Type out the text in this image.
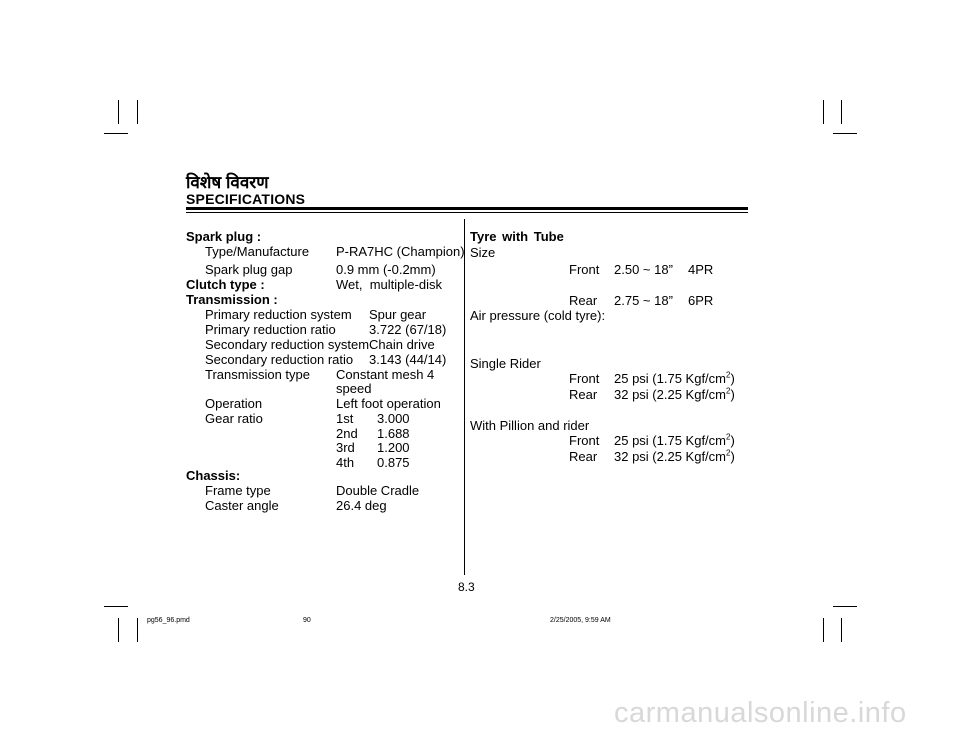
विशेष विवरण
SPECIFICATIONS
Spark plug :
Type/Manufacture P-RA7HC (Champion)
Spark plug gap	0.9 mm (-0.2mm)
Clutch type :	Wet,  multiple-disk
Transmission :
Primary reduction system Spur gear
Primary reduction ratio	3.722 (67/18)
Secondary reduction system Chain drive
Secondary reduction ratio 3.143 (44/14)
Transmission type Constant mesh 4
speed
Operation	Left foot operation
Gear ratio	1st 3.000
2nd 1.688
3rd 1.200
4th 0.875
Chassis:
Frame type	Double Cradle
Caster angle	26.4 deg
Tyre with Tube
Size
Front 2.50 ~ 18” 4PR
Rear 2.75 ~ 18” 6PR
Air pressure (cold tyre):
Single Rider
Front 25 psi (1.75 Kgf/$cm^2$)
Rear 32 psi (2.25 Kgf/$cm^2$)
With Pillion and rider
Front 25 psi (1.75 Kgf/$cm^2$)
Rear 32 psi (2.25 Kgf/$cm^2$)
8.3
pg56_96.pmd	90	2/25/2005, 9:59 AM
carmanualsonline.info
